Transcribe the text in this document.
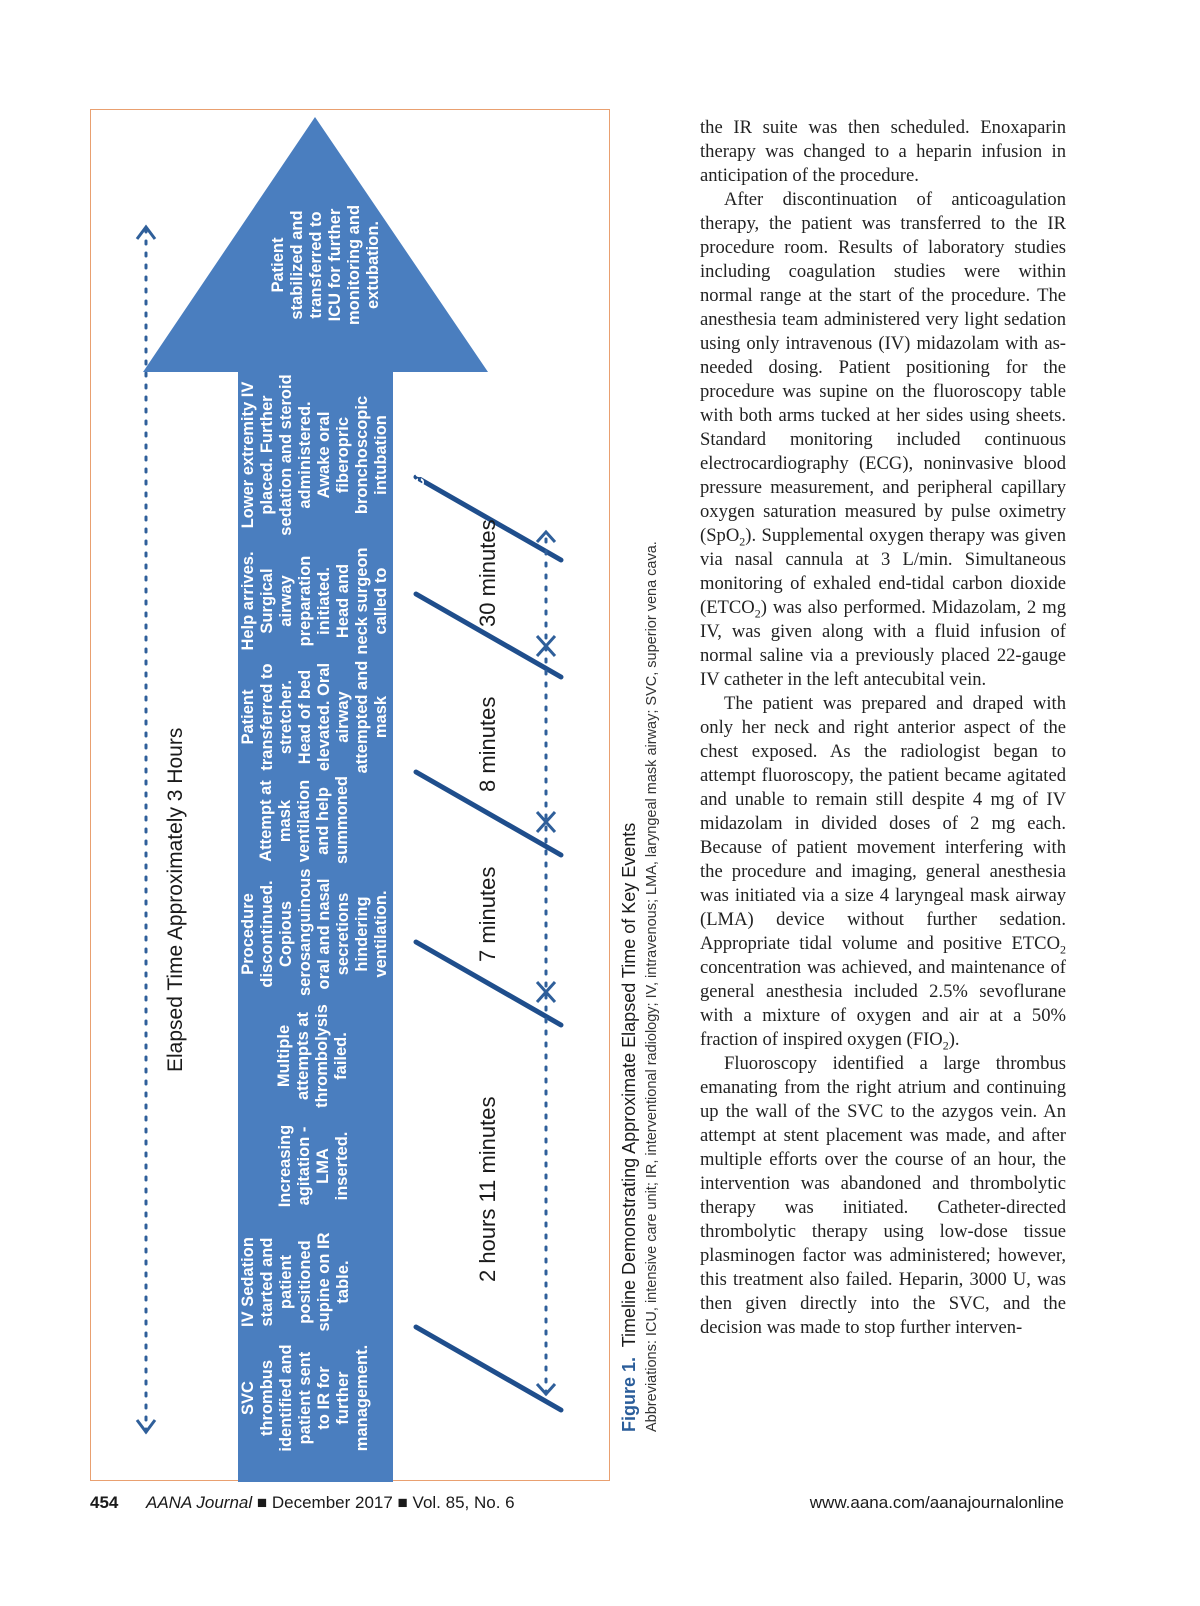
Elapsed Time Approximately 3 Hours
SVC thrombus identified and patient sent to IR for further management.
IV Sedation started and patient positioned supine on IR table.
Increasing agitation - LMA inserted.
Multiple attempts at thrombolysis failed.
Procedure discontinued. Copious serosanguinous oral and nasal secretions hindering ventilation.
Attempt at mask ventilation and help summoned
Patient transferred to stretcher. Head of bed elevated. Oral airway attempted and mask ventilation continued.
Help arrives. Surgical airway preparation initiated. Head and neck surgeon called to bedside.
Lower extremity IV placed. Further sedation and steroid administered. Awake oral fiberopric bronchoscopic intubation performed successfully.
Patient stabilized and transferred to ICU for further monitoring and extubation.
2 hours 11 minutes
7 minutes
8 minutes
30 minutes
Figure 1.  Timeline Demonstrating Approximate Elapsed Time of Key Events Abbreviations: ICU, intensive care unit; IR, interventional radiology; IV, intravenous; LMA, laryngeal mask airway; SVC, superior vena cava.

the IR suite was then scheduled. Enoxaparin therapy was changed to a heparin infusion in anticipation of the procedure.

After discontinuation of anticoagulation therapy, the patient was transferred to the IR procedure room. Results of laboratory studies including coagulation studies were within normal range at the start of the procedure. The anesthesia team administered very light sedation using only intravenous (IV) midazolam with as-needed dosing. Patient positioning for the procedure was supine on the fluoroscopy table with both arms tucked at her sides using sheets. Standard monitoring included continuous electrocardiography (ECG), noninvasive blood pressure measurement, and peripheral capillary oxygen saturation measured by pulse oximetry (SpO$_2$). Supplemental oxygen therapy was given via nasal cannula at 3 L/min. Simultaneous monitoring of exhaled end-tidal carbon dioxide $(ETCO_2)$ was also performed. Midazolam, 2 mg IV, was given along with a fluid infusion of normal saline via a previously placed 22-gauge IV catheter in the left antecubital vein.

The patient was prepared and draped with only her neck and right anterior aspect of the chest exposed. As the radiologist began to attempt fluoroscopy, the patient became agitated and unable to remain still despite 4 mg of IV midazolam in divided doses of 2 mg each. Because of patient movement interfering with the procedure and imaging, general anesthesia was initiated via a size 4 laryngeal mask airway (LMA) device without further sedation. Appropriate tidal volume and positive $ETCO_2$ concentration was achieved, and maintenance of general anesthesia included 2.5% sevoflurane with a mixture of oxygen and air at a 50% fraction of inspired oxygen $(FIO_2)$.

Fluoroscopy identified a large thrombus emanating from the right atrium and continuing up the wall of the SVC to the azygos vein. An attempt at stent placement was made, and after multiple efforts over the course of an hour, the intervention was abandoned and thrombolytic therapy was initiated. Catheter-directed thrombolytic therapy using low-dose tissue plasminogen factor was administered; however, this treatment also failed. Heparin, 3000 U, was then given directly into the SVC, and the decision was made to stop further interven-

454 AANA Journal ■ December 2017 ■ Vol. 85, No. 6	www.aana.com/aanajournalonline
